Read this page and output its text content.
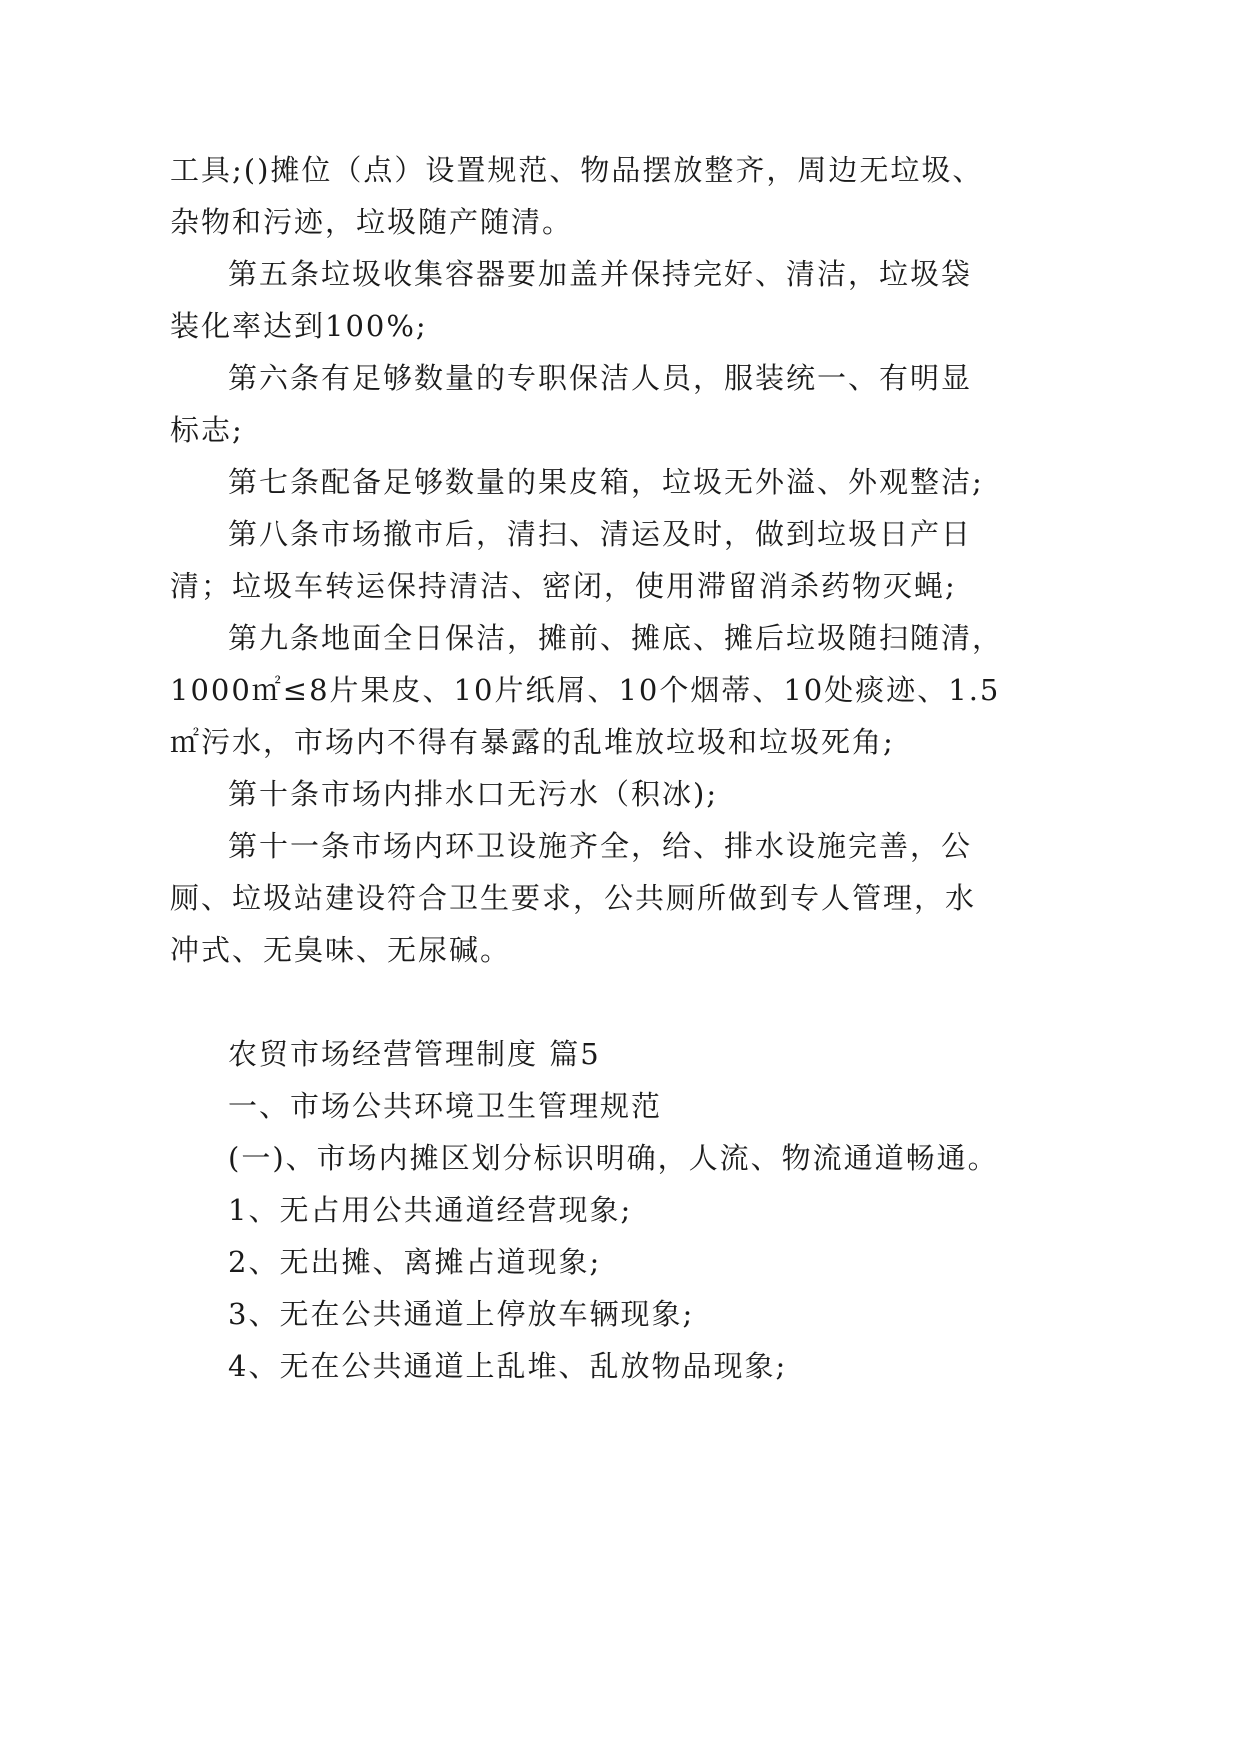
工具;()摊位（点）设置规范、物品摆放整齐，周边无垃圾、

杂物和污迹，垃圾随产随清。

第五条垃圾收集容器要加盖并保持完好、清洁，垃圾袋

装化率达到100%;

第六条有足够数量的专职保洁人员，服装统一、有明显

标志;

第七条配备足够数量的果皮箱，垃圾无外溢、外观整洁;

第八条市场撤市后，清扫、清运及时，做到垃圾日产日

清；垃圾车转运保持清洁、密闭，使用滞留消杀药物灭蝇;

第九条地面全日保洁，摊前、摊底、摊后垃圾随扫随清，

1000㎡≤8片果皮、10片纸屑、10个烟蒂、10处痰迹、1.5

㎡污水，市场内不得有暴露的乱堆放垃圾和垃圾死角;

第十条市场内排水口无污水（积冰);

第十一条市场内环卫设施齐全，给、排水设施完善，公

厕、垃圾站建设符合卫生要求，公共厕所做到专人管理，水

冲式、无臭味、无尿碱。

农贸市场经营管理制度 篇5

一、市场公共环境卫生管理规范

(一)、市场内摊区划分标识明确，人流、物流通道畅通。

1、无占用公共通道经营现象;

2、无出摊、离摊占道现象;

3、无在公共通道上停放车辆现象;

4、无在公共通道上乱堆、乱放物品现象;
